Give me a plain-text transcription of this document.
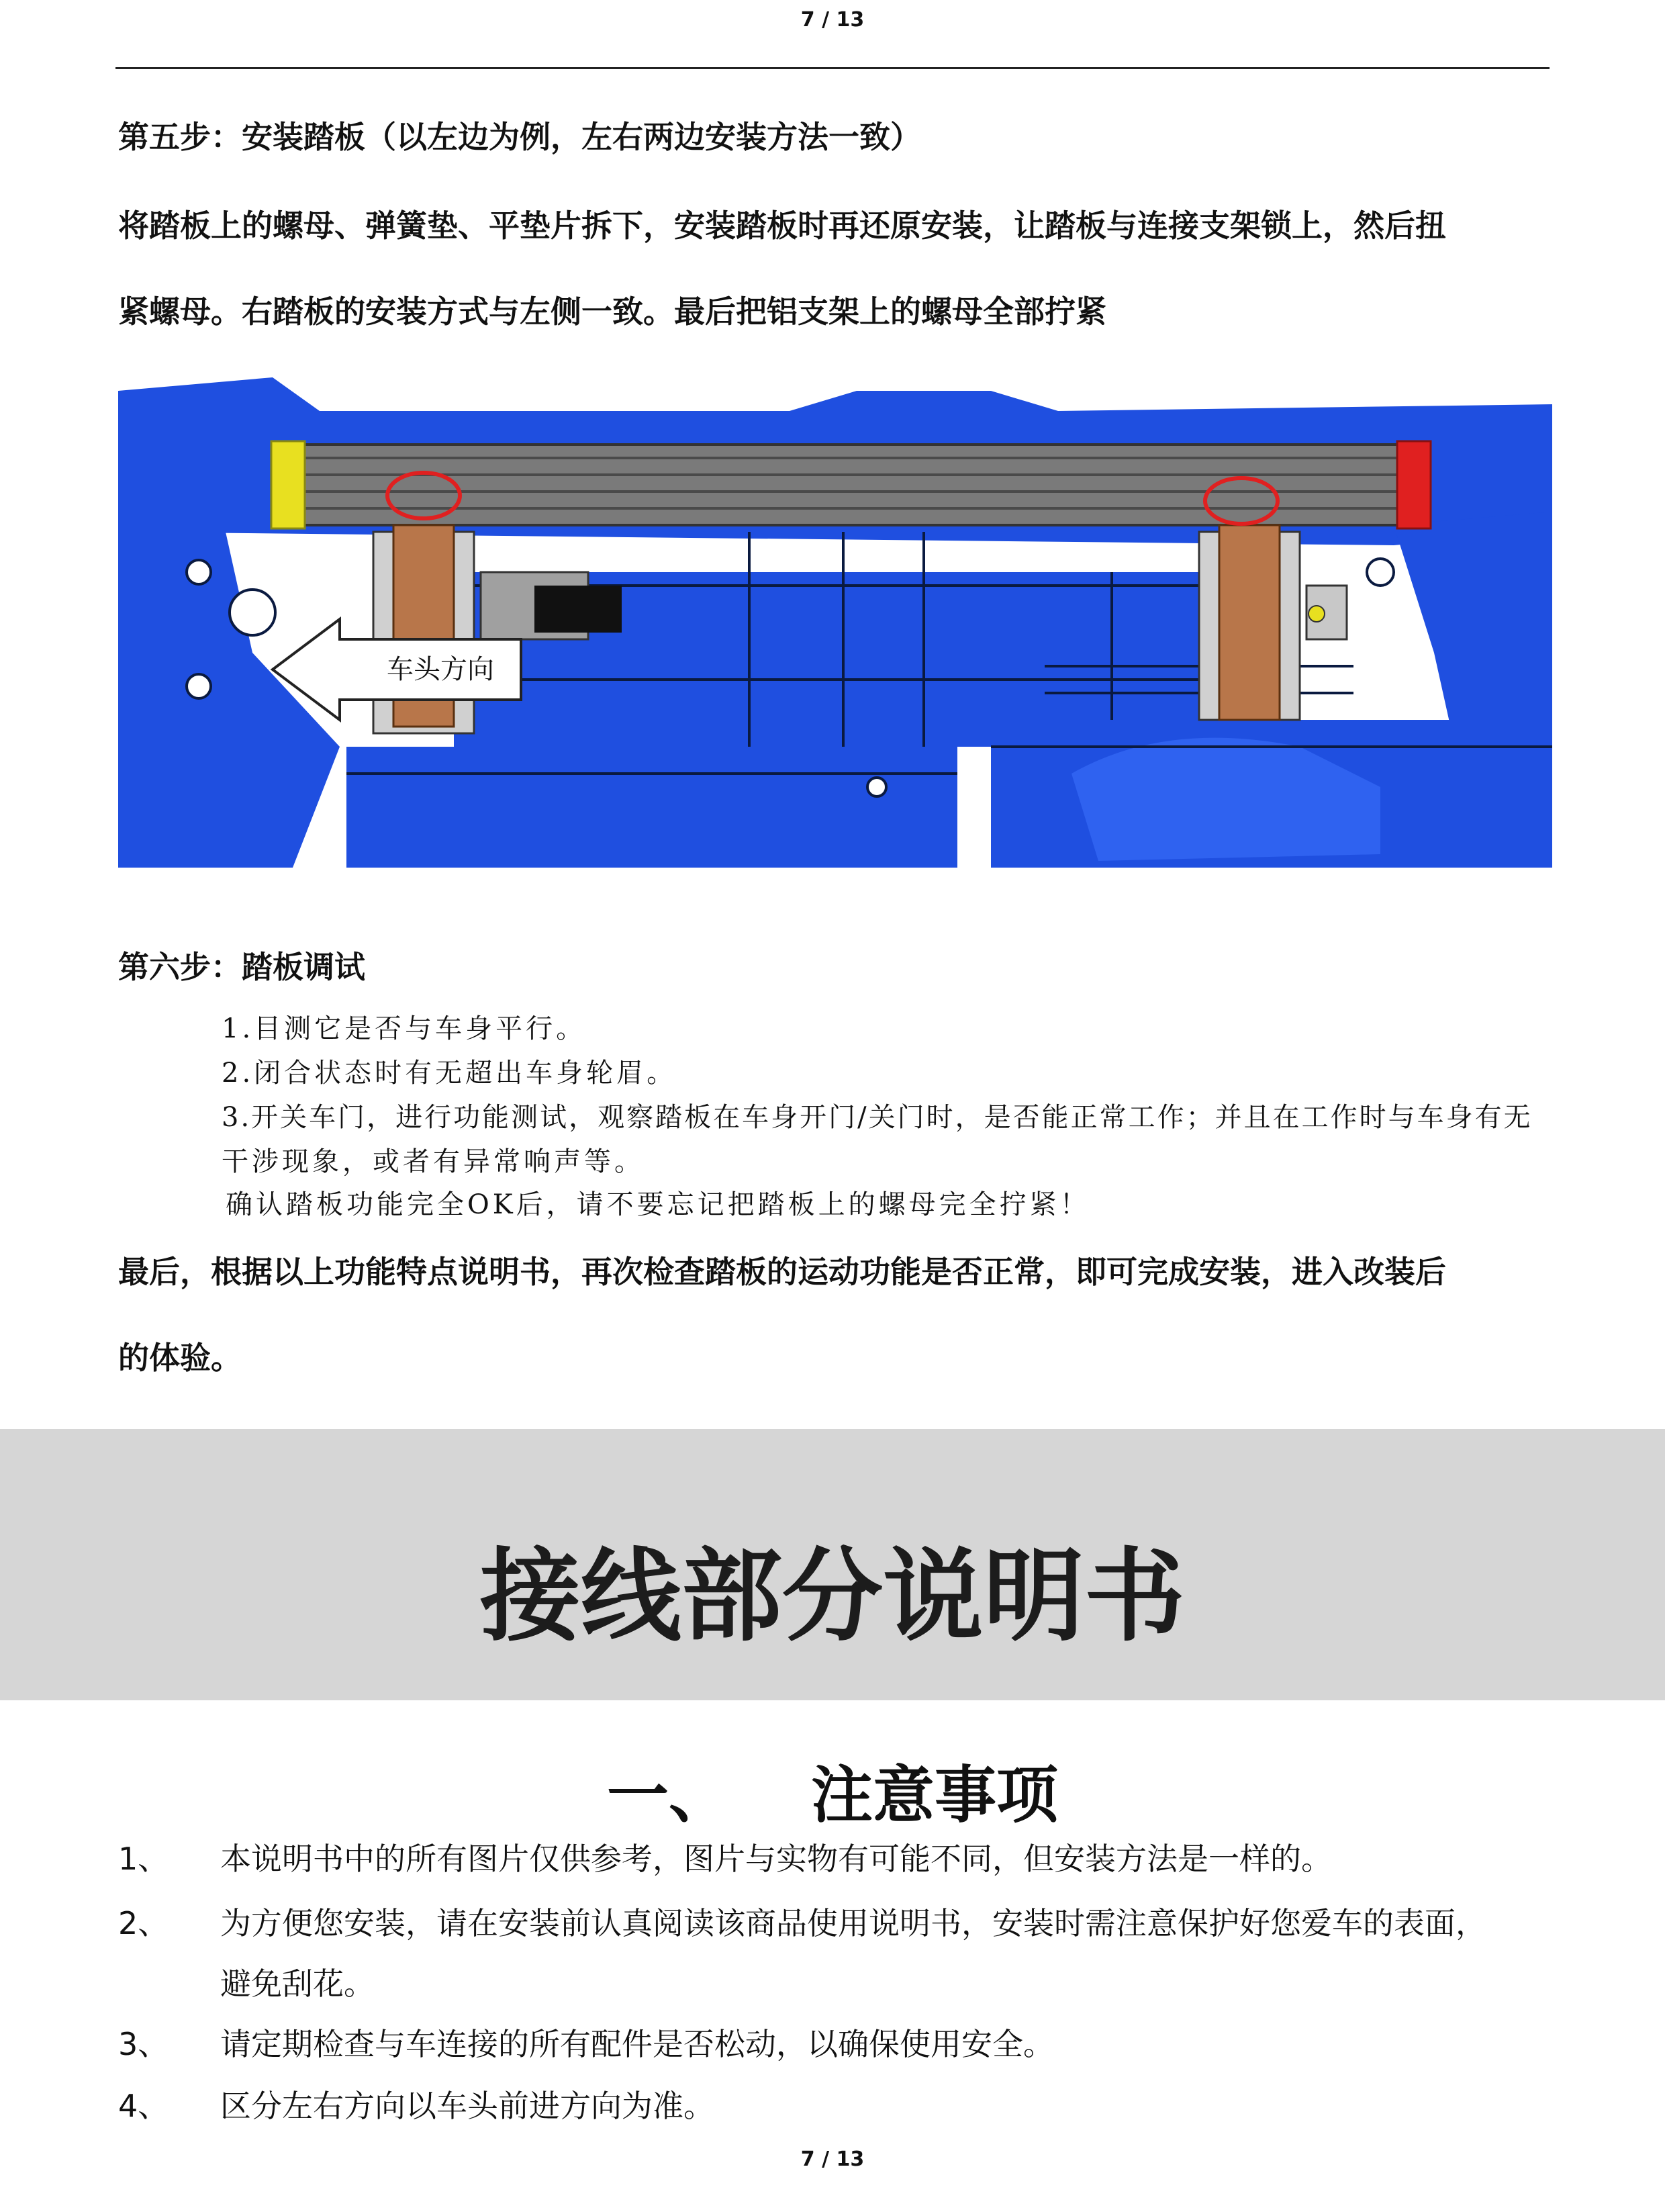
7 / 13
第五步：安装踏板（以左边为例，左右两边安装方法一致）
将踏板上的螺母、弹簧垫、平垫片拆下，安装踏板时再还原安装，让踏板与连接支架锁上，然后扭
紧螺母。右踏板的安装方式与左侧一致。最后把铝支架上的螺母全部拧紧
车头方向
第六步：踏板调试
1.目测它是否与车身平行。
2.闭合状态时有无超出车身轮眉。
3.开关车门，进行功能测试，观察踏板在车身开门/关门时，是否能正常工作；并且在工作时与车身有无
干涉现象，或者有异常响声等。
确认踏板功能完全OK后，请不要忘记把踏板上的螺母完全拧紧！
最后，根据以上功能特点说明书，再次检查踏板的运动功能是否正常，即可完成安装，进入改装后
的体验。
接线部分说明书
一、 注意事项
1、 本说明书中的所有图片仅供参考，图片与实物有可能不同，但安装方法是一样的。
2、 为方便您安装，请在安装前认真阅读该商品使用说明书，安装时需注意保护好您爱车的表面，
避免刮花。
3、 请定期检查与车连接的所有配件是否松动，以确保使用安全。
4、 区分左右方向以车头前进方向为准。
7 / 13
